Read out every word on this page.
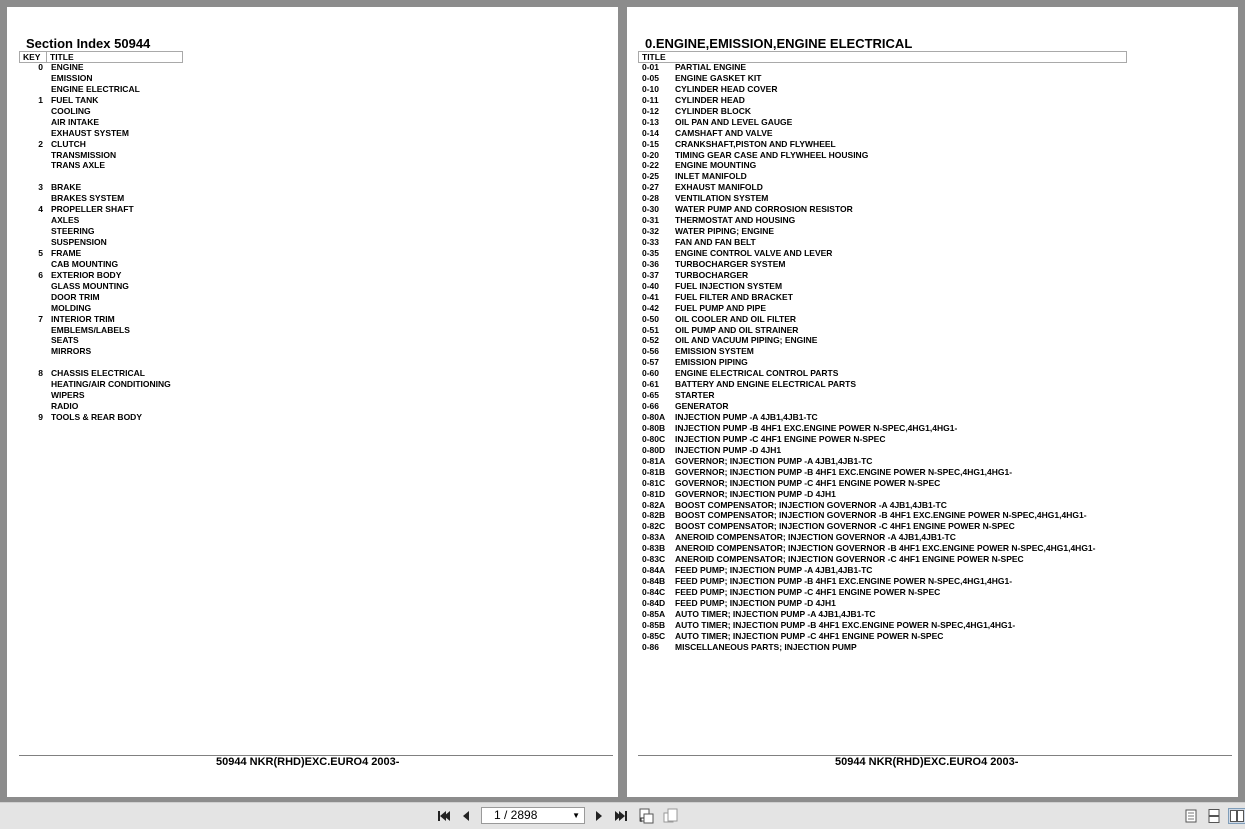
Section Index 50944
KEY TITLE
0 ENGINE
EMISSION
ENGINE ELECTRICAL
1 FUEL TANK
COOLING
AIR INTAKE
EXHAUST SYSTEM
2 CLUTCH
TRANSMISSION
TRANS AXLE
3 BRAKE
BRAKES SYSTEM
4 PROPELLER SHAFT
AXLES
STEERING
SUSPENSION
5 FRAME
CAB MOUNTING
6 EXTERIOR BODY
GLASS MOUNTING
DOOR TRIM
MOLDING
7 INTERIOR TRIM
EMBLEMS/LABELS
SEATS
MIRRORS
8 CHASSIS ELECTRICAL
HEATING/AIR CONDITIONING
WIPERS
RADIO
9 TOOLS & REAR BODY
50944 NKR(RHD)EXC.EURO4 2003-
0.ENGINE,EMISSION,ENGINE ELECTRICAL
TITLE
0-01 PARTIAL ENGINE
0-05 ENGINE GASKET KIT
0-10 CYLINDER HEAD COVER
0-11 CYLINDER HEAD
0-12 CYLINDER BLOCK
0-13 OIL PAN AND LEVEL GAUGE
0-14 CAMSHAFT AND VALVE
0-15 CRANKSHAFT,PISTON AND FLYWHEEL
0-20 TIMING GEAR CASE AND FLYWHEEL HOUSING
0-22 ENGINE MOUNTING
0-25 INLET MANIFOLD
0-27 EXHAUST MANIFOLD
0-28 VENTILATION SYSTEM
0-30 WATER PUMP AND CORROSION RESISTOR
0-31 THERMOSTAT AND HOUSING
0-32 WATER PIPING; ENGINE
0-33 FAN AND FAN BELT
0-35 ENGINE CONTROL VALVE AND LEVER
0-36 TURBOCHARGER SYSTEM
0-37 TURBOCHARGER
0-40 FUEL INJECTION SYSTEM
0-41 FUEL FILTER AND BRACKET
0-42 FUEL PUMP AND PIPE
0-50 OIL COOLER AND OIL FILTER
0-51 OIL PUMP AND OIL STRAINER
0-52 OIL AND VACUUM PIPING; ENGINE
0-56 EMISSION SYSTEM
0-57 EMISSION PIPING
0-60 ENGINE ELECTRICAL CONTROL PARTS
0-61 BATTERY AND ENGINE ELECTRICAL PARTS
0-65 STARTER
0-66 GENERATOR
0-80A INJECTION PUMP -A 4JB1,4JB1-TC
0-80B INJECTION PUMP -B 4HF1 EXC.ENGINE POWER N-SPEC,4HG1,4HG1-
0-80C INJECTION PUMP -C 4HF1 ENGINE POWER N-SPEC
0-80D INJECTION PUMP -D 4JH1
0-81A GOVERNOR; INJECTION PUMP -A 4JB1,4JB1-TC
0-81B GOVERNOR; INJECTION PUMP -B 4HF1 EXC.ENGINE POWER N-SPEC,4HG1,4HG1-
0-81C GOVERNOR; INJECTION PUMP -C 4HF1 ENGINE POWER N-SPEC
0-81D GOVERNOR; INJECTION PUMP -D 4JH1
0-82A BOOST COMPENSATOR; INJECTION GOVERNOR -A 4JB1,4JB1-TC
0-82B BOOST COMPENSATOR; INJECTION GOVERNOR -B 4HF1 EXC.ENGINE POWER N-SPEC,4HG1,4HG1-
0-82C BOOST COMPENSATOR; INJECTION GOVERNOR -C 4HF1 ENGINE POWER N-SPEC
0-83A ANEROID COMPENSATOR; INJECTION GOVERNOR -A 4JB1,4JB1-TC
0-83B ANEROID COMPENSATOR; INJECTION GOVERNOR -B 4HF1 EXC.ENGINE POWER N-SPEC,4HG1,4HG1-
0-83C ANEROID COMPENSATOR; INJECTION GOVERNOR -C 4HF1 ENGINE POWER N-SPEC
0-84A FEED PUMP; INJECTION PUMP -A 4JB1,4JB1-TC
0-84B FEED PUMP; INJECTION PUMP -B 4HF1 EXC.ENGINE POWER N-SPEC,4HG1,4HG1-
0-84C FEED PUMP; INJECTION PUMP -C 4HF1 ENGINE POWER N-SPEC
0-84D FEED PUMP; INJECTION PUMP -D 4JH1
0-85A AUTO TIMER; INJECTION PUMP -A 4JB1,4JB1-TC
0-85B AUTO TIMER; INJECTION PUMP -B 4HF1 EXC.ENGINE POWER N-SPEC,4HG1,4HG1-
0-85C AUTO TIMER; INJECTION PUMP -C 4HF1 ENGINE POWER N-SPEC
0-86 MISCELLANEOUS PARTS; INJECTION PUMP
50944 NKR(RHD)EXC.EURO4 2003-
1 / 2898	▼
